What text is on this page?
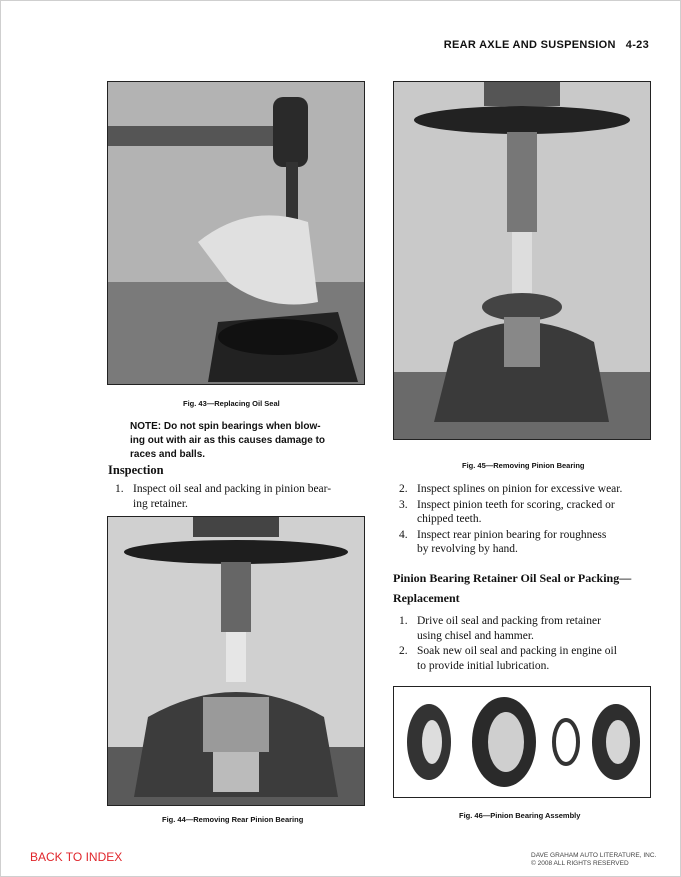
REAR AXLE AND SUSPENSION 4-23
Fig. 43—Replacing Oil Seal
Fig. 45—Removing Pinion Bearing
NOTE: Do not spin bearings when blow-
ing out with air as this causes damage to
races and balls.
Inspection
1. Inspect oil seal and packing in pinion bear-
ing retainer.
2. Inspect splines on pinion for excessive wear.
3. Inspect pinion teeth for scoring, cracked or
chipped teeth.
4. Inspect rear pinion bearing for roughness
by revolving by hand.
Fig. 44—Removing Rear Pinion Bearing
Pinion Bearing Retainer Oil Seal or Packing—
Replacement
1. Drive oil seal and packing from retainer
using chisel and hammer.
2. Soak new oil seal and packing in engine oil
to provide initial lubrication.
Fig. 46—Pinion Bearing Assembly
BACK TO INDEX	DAVE GRAHAM AUTO LITERATURE, INC.
© 2008 ALL RIGHTS RESERVED
